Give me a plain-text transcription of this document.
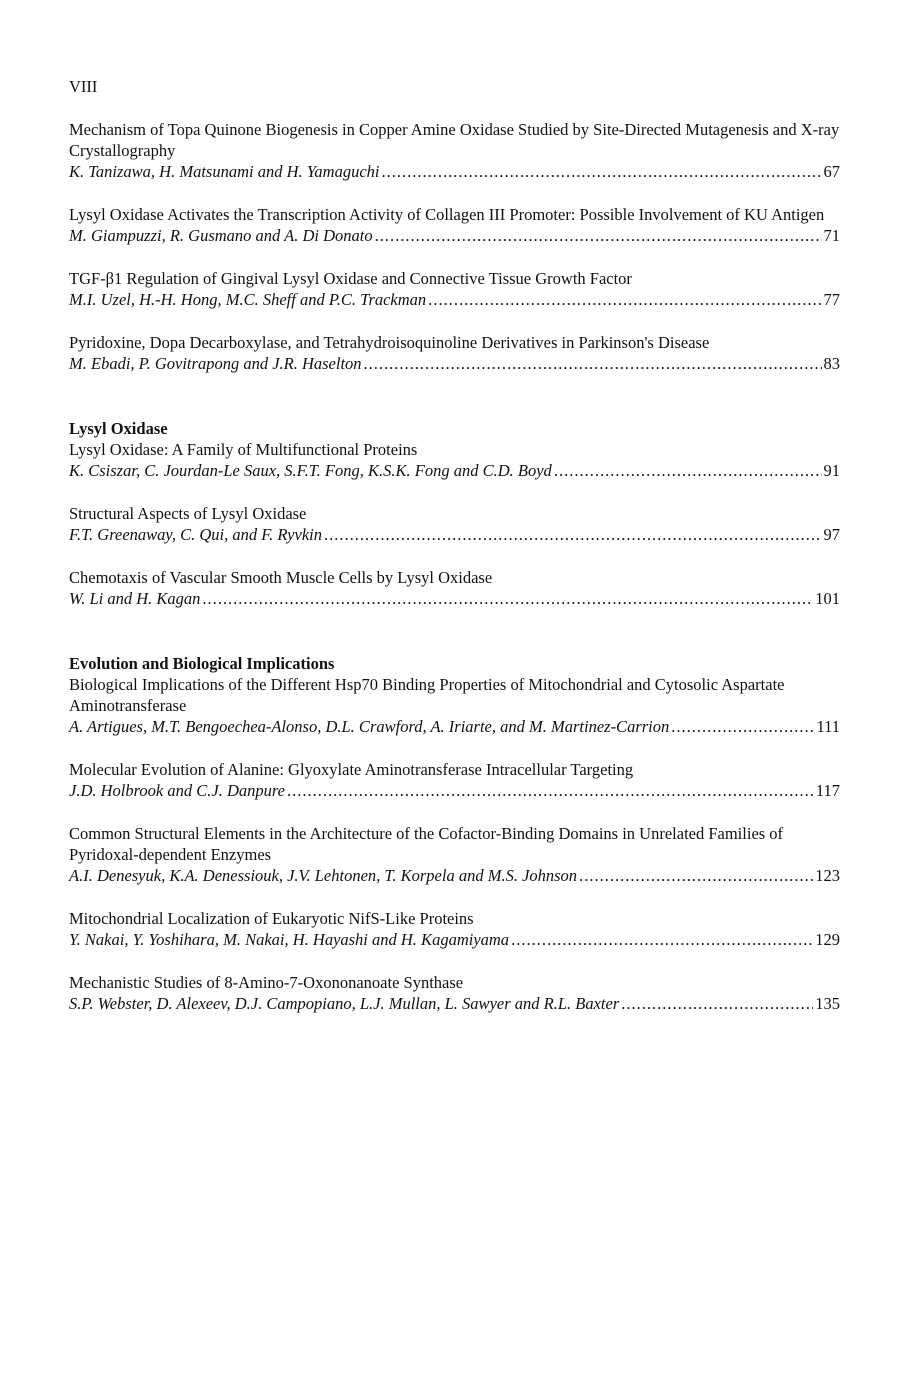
VIII
Mechanism of Topa Quinone Biogenesis in Copper Amine Oxidase Studied by Site-Directed Mutagenesis and X-ray Crystallography
K. Tanizawa, H. Matsunami and H. Yamaguchi .....	67
Lysyl Oxidase Activates the Transcription Activity of Collagen III Promoter: Possible Involvement of KU Antigen
M. Giampuzzi, R. Gusmano and A. Di Donato .....	71
TGF-β1 Regulation of Gingival Lysyl Oxidase and Connective Tissue Growth Factor
M.I. Uzel, H.-H. Hong, M.C. Sheff and P.C. Trackman .....	77
Pyridoxine, Dopa Decarboxylase, and Tetrahydroisoquinoline Derivatives in Parkinson's Disease
M. Ebadi, P. Govitrapong and J.R. Haselton .....	83
Lysyl Oxidase
Lysyl Oxidase: A Family of Multifunctional Proteins
K. Csiszar, C. Jourdan-Le Saux, S.F.T. Fong, K.S.K. Fong and C.D. Boyd .....	91
Structural Aspects of Lysyl Oxidase
F.T. Greenaway, C. Qui, and F. Ryvkin .....	97
Chemotaxis of Vascular Smooth Muscle Cells by Lysyl Oxidase
W. Li and H. Kagan .....	101
Evolution and Biological Implications
Biological Implications of the Different Hsp70 Binding Properties of Mitochondrial and Cytosolic Aspartate Aminotransferase
A. Artigues, M.T. Bengoechea-Alonso, D.L. Crawford, A. Iriarte, and M. Martinez-Carrion .....	111
Molecular Evolution of Alanine: Glyoxylate Aminotransferase Intracellular Targeting
J.D. Holbrook and C.J. Danpure .....	117
Common Structural Elements in the Architecture of the Cofactor-Binding Domains in Unrelated Families of Pyridoxal-dependent Enzymes
A.I. Denesyuk, K.A. Denessiouk, J.V. Lehtonen, T. Korpela and M.S. Johnson .....	123
Mitochondrial Localization of Eukaryotic NifS-Like Proteins
Y. Nakai, Y. Yoshihara, M. Nakai, H. Hayashi and H. Kagamiyama .....	129
Mechanistic Studies of 8-Amino-7-Oxononanoate Synthase
S.P. Webster, D. Alexeev, D.J. Campopiano, L.J. Mullan, L. Sawyer and R.L. Baxter .....	135
